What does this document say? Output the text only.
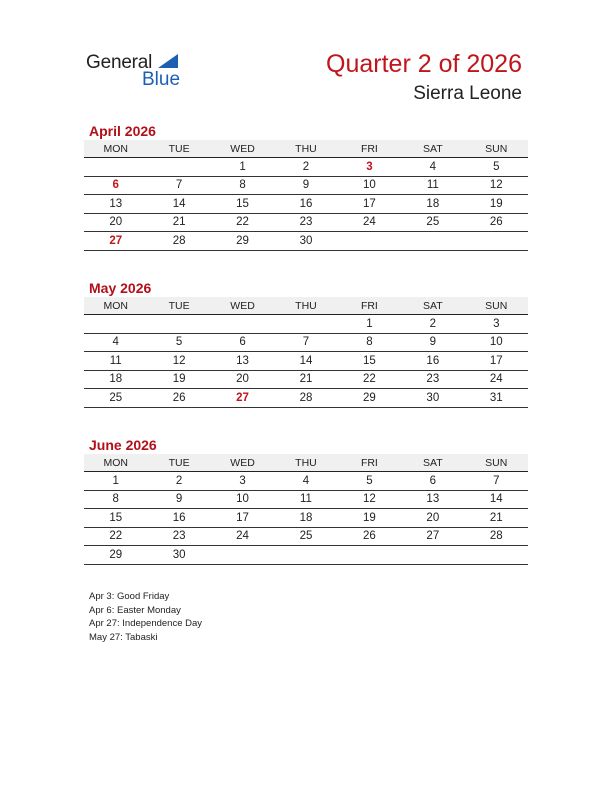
General
Blue
Quarter 2 of 2026
Sierra Leone
April 2026
MON	TUE	WED	THU	FRI	SAT	SUN
		1	2	3	4	5
6	7	8	9	10	11	12
13	14	15	16	17	18	19
20	21	22	23	24	25	26
27	28	29	30			
May 2026
MON	TUE	WED	THU	FRI	SAT	SUN
				1	2	3
4	5	6	7	8	9	10
11	12	13	14	15	16	17
18	19	20	21	22	23	24
25	26	27	28	29	30	31
June 2026
MON	TUE	WED	THU	FRI	SAT	SUN
1	2	3	4	5	6	7
8	9	10	11	12	13	14
15	16	17	18	19	20	21
22	23	24	25	26	27	28
29	30					
Apr 3: Good Friday
Apr 6: Easter Monday
Apr 27: Independence Day
May 27: Tabaski
